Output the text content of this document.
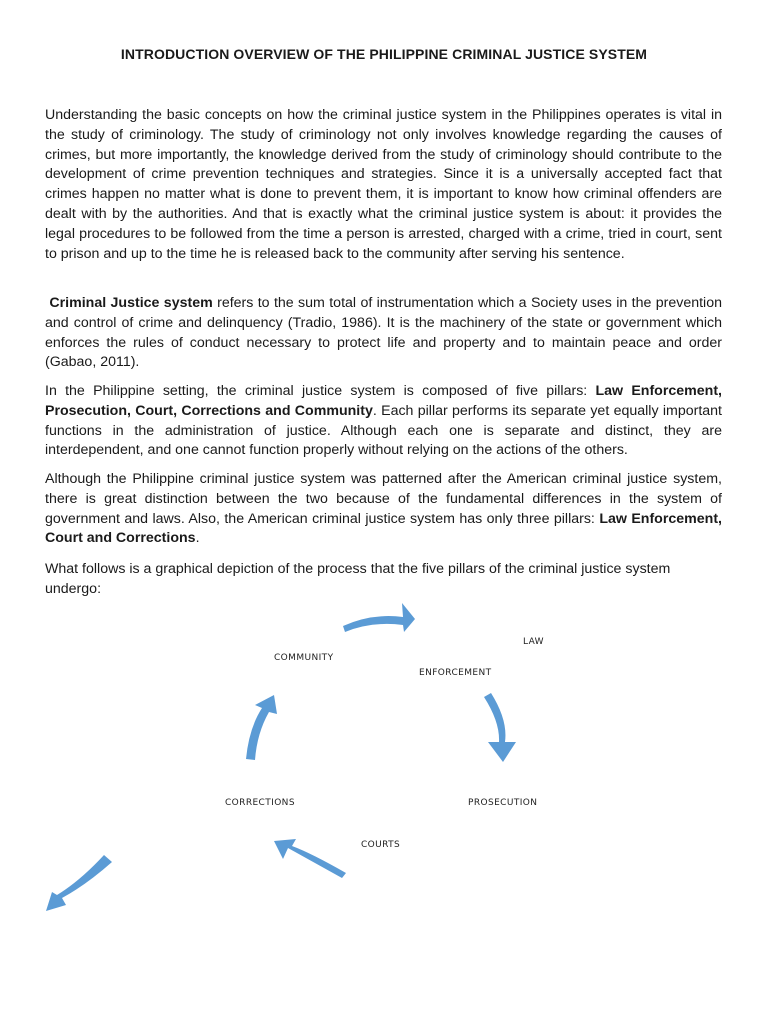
INTRODUCTION OVERVIEW OF THE PHILIPPINE CRIMINAL JUSTICE SYSTEM

Understanding the basic concepts on how the criminal justice system in the Philippines operates is vital in the study of criminology. The study of criminology not only involves knowledge regarding the causes of crimes, but more importantly, the knowledge derived from the study of criminology should contribute to the development of crime prevention techniques and strategies. Since it is a universally accepted fact that crimes happen no matter what is done to prevent them, it is important to know how criminal offenders are dealt with by the authorities. And that is exactly what the criminal justice system is about: it provides the legal procedures to be followed from the time a person is arrested, charged with a crime, tried in court, sent to prison and up to the time he is released back to the community after serving his sentence.

Criminal Justice system refers to the sum total of instrumentation which a Society uses in the prevention and control of crime and delinquency (Tradio, 1986). It is the machinery of the state or government which enforces the rules of conduct necessary to protect life and property and to maintain peace and order (Gabao, 2011).

In the Philippine setting, the criminal justice system is composed of five pillars: Law Enforcement, Prosecution, Court, Corrections and Community. Each pillar performs its separate yet equally important functions in the administration of justice. Although each one is separate and distinct, they are interdependent, and one cannot function properly without relying on the actions of the others.

Although the Philippine criminal justice system was patterned after the American criminal justice system, there is great distinction between the two because of the fundamental differences in the system of government and laws. Also, the American criminal justice system has only three pillars: Law Enforcement, Court and Corrections.

What follows is a graphical depiction of the process that the five pillars of the criminal justice system undergo:

COMMUNITY
LAW
ENFORCEMENT
PROSECUTION
CORRECTIONS
COURTS
